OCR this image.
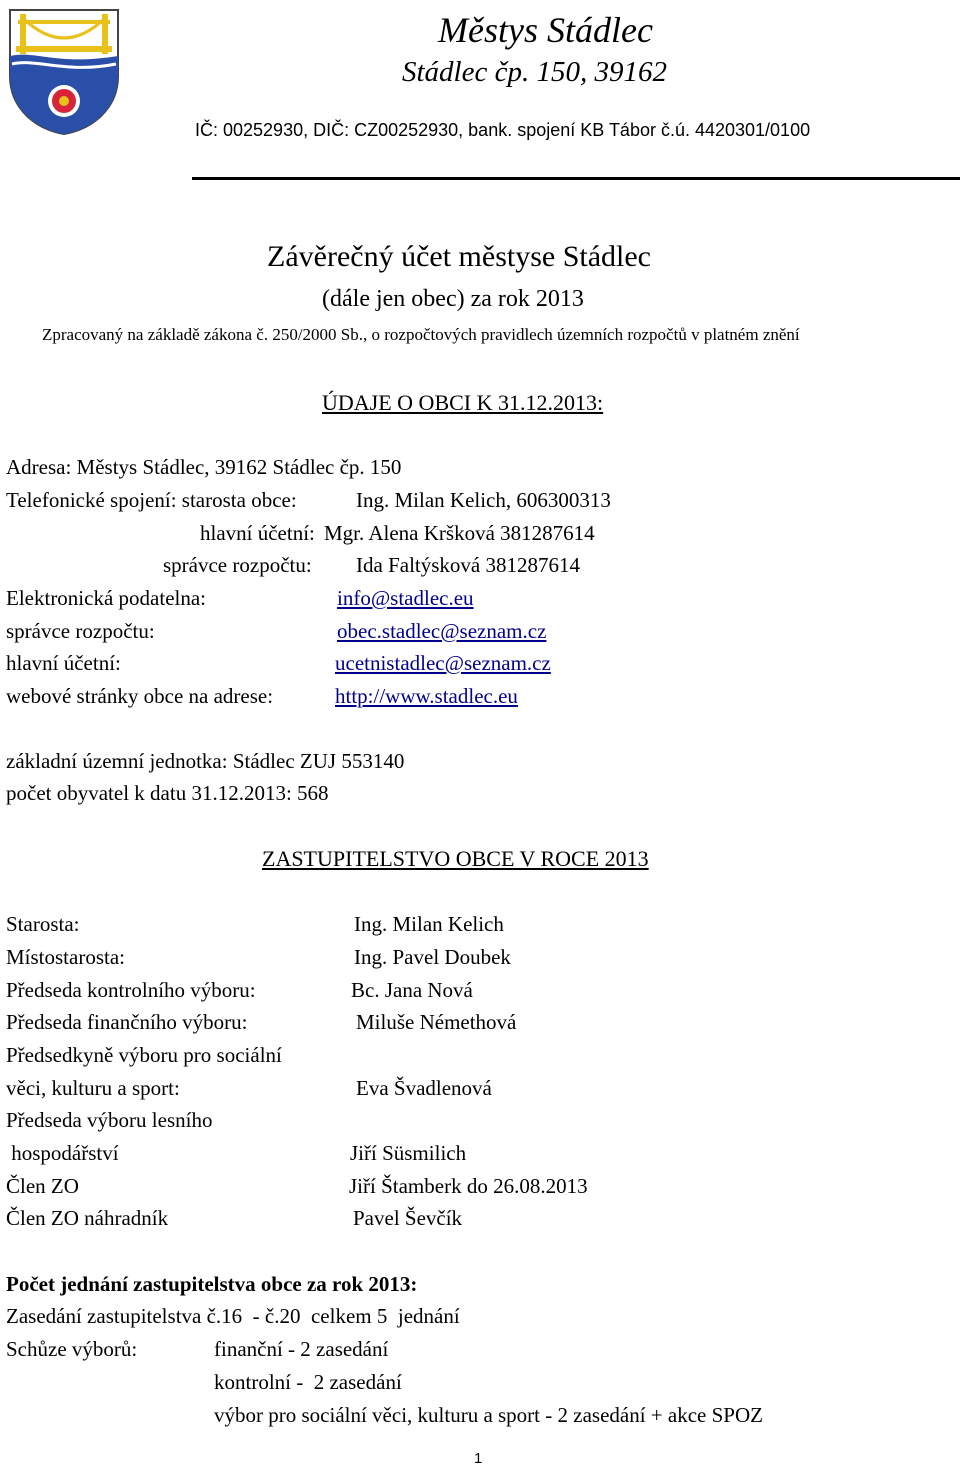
Městys Stádlec
Stádlec čp. 150, 39162
IČ: 00252930, DIČ: CZ00252930, bank. spojení KB Tábor č.ú. 4420301/0100
Závěrečný účet městyse Stádlec
(dále jen obec) za rok 2013
Zpracovaný na základě zákona č. 250/2000 Sb., o rozpočtových pravidlech územních rozpočtů v platném znění
ÚDAJE O OBCI K 31.12.2013:
Adresa: Městys Stádlec, 39162 Stádlec čp. 150
Telefonické spojení: starosta obce:	Ing. Milan Kelich, 606300313
hlavní účetní: Mgr. Alena Kršková 381287614
správce rozpočtu: Ida Faltýsková 381287614
Elektronická podatelna:	info@stadlec.eu
správce rozpočtu:	obec.stadlec@seznam.cz
hlavní účetní:	ucetnistadlec@seznam.cz
webové stránky obce na adrese:	http://www.stadlec.eu
základní územní jednotka: Stádlec ZUJ 553140
počet obyvatel k datu 31.12.2013: 568
ZASTUPITELSTVO OBCE V ROCE 2013
Starosta:	Ing. Milan Kelich
Místostarosta:	Ing. Pavel Doubek
Předseda kontrolního výboru:	Bc. Jana Nová
Předseda finančního výboru:	Miluše Némethová
Předsedkyně výboru pro sociální
věci, kulturu a sport:	Eva Švadlenová
Předseda výboru lesního
hospodářství	Jiří Süsmilich
Člen ZO	Jiří Štamberk do 26.08.2013
Člen ZO náhradník	Pavel Ševčík
Počet jednání zastupitelstva obce za rok 2013:
Zasedání zastupitelstva č.16  - č.20  celkem 5  jednání
Schůze výborů:	finanční - 2 zasedání
kontrolní -  2 zasedání
výbor pro sociální věci, kulturu a sport - 2 zasedání + akce SPOZ
1
